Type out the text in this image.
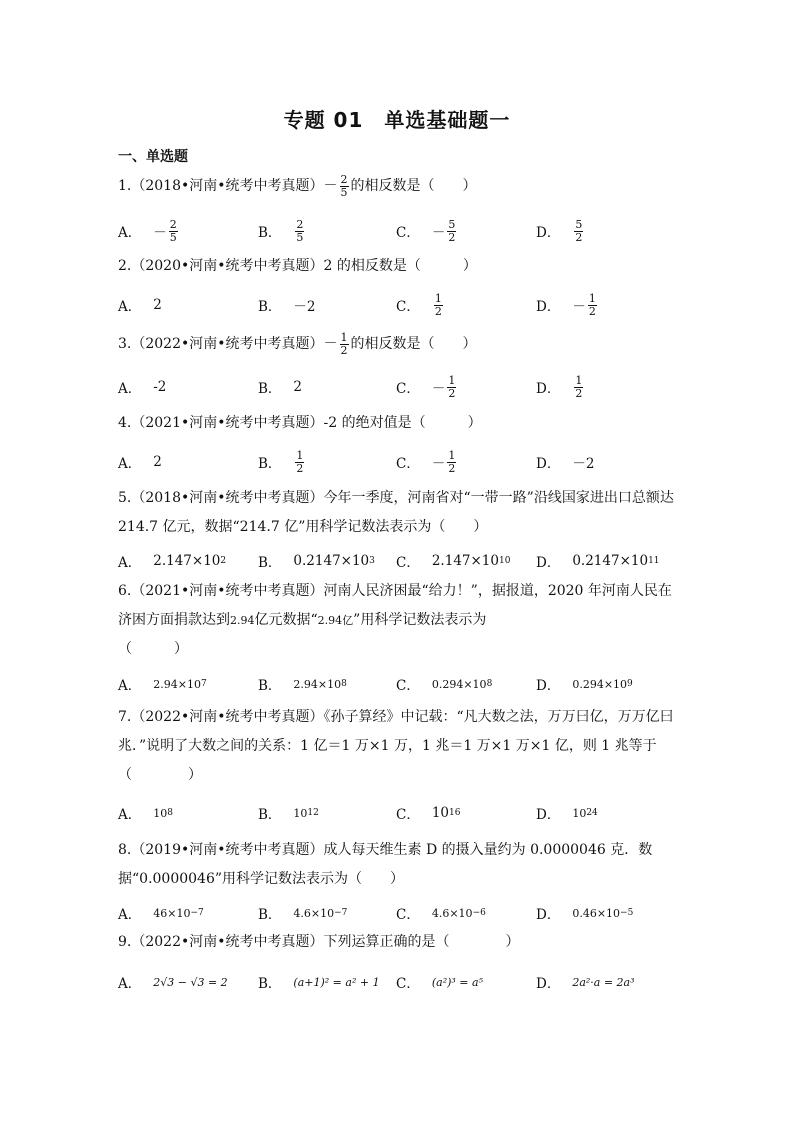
专题 01　单选基础题一
一、单选题
1.（2018•河南•统考中考真题）－ $\frac{2}{5}$ 的相反数是（　　）
A． － $\frac{2}{5}$	B． $\frac{2}{5}$	C． － $\frac{5}{2}$	D． $\frac{5}{2}$
2.（2020•河南•统考中考真题）2 的相反数是（　　　）
A． 2	B． －2	C． $\frac{1}{2}$	D． － $\frac{1}{2}$
3.（2022•河南•统考中考真题）－ $\frac{1}{2}$ 的相反数是（　　）
A． -2	B． 2	C． － $\frac{1}{2}$	D． $\frac{1}{2}$
4.（2021•河南•统考中考真题）-2 的绝对值是（　　　）
A． 2	B． $\frac{1}{2}$	C． － $\frac{1}{2}$	D． －2
5.（2018•河南•统考中考真题）今年一季度，河南省对“一带一路”沿线国家进出口总额达 214.7 亿元，数据“214.7 亿”用科学记数法表示为（　　）
A． 2.147×10 2 B． 0.2147×10 3 C． 2.147×10 10 D． 0.2147×10 11
6.（2021•河南•统考中考真题）河南人民济困最“给力！”，据报道，2020 年河南人民在济困方面捐款达到2.94亿元数据“2.94亿”用科学记数法表示为
（　　　）
A． 2.94×10 7	B． 2.94×10 8	C． 0.294×10 8	D． 0.294×10 9
7.（2022•河南•统考中考真题）《孙子算经》中记载：“凡大数之法，万万曰亿，万万亿曰兆．”说明了大数之间的关系：1 亿＝1 万×1 万，1 兆＝1 万×1 万×1 亿，则 1 兆等于（　　　　）
A． 10 8	B． 10 12	C． 10 16	D． 10 24
8.（2019•河南•统考中考真题）成人每天维生素 D 的摄入量约为 0.0000046 克．数据“0.0000046”用科学记数法表示为（　　）
A． 46×10 −7	B． 4.6×10 −7	C． 4.6×10 −6	D． 0.46×10 −5
9.（2022•河南•统考中考真题）下列运算正确的是（　　　　）
A． 2√3 − √3 = 2 B． (a+1)² = a² + 1 C． (a²)³ = a⁵	D． 2a²·a = 2a³
